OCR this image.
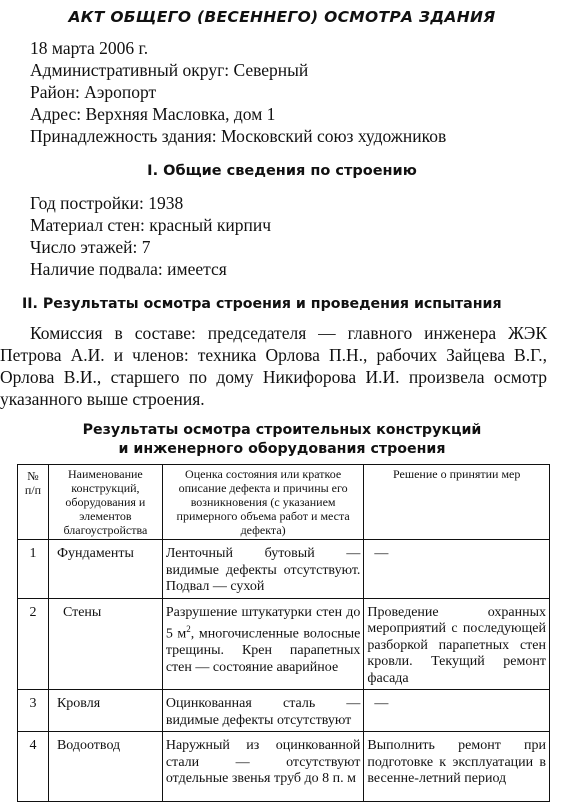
АКТ ОБЩЕГО (ВЕСЕННЕГО) ОСМОТРА ЗДАНИЯ
18 марта 2006 г.
Административный округ: Северный
Район: Аэропорт
Адрес: Верхняя Масловка, дом 1
Принадлежность здания: Московский союз художников
I. Общие сведения по строению
Год постройки: 1938
Материал стен: красный кирпич
Число этажей: 7
Наличие подвала: имеется
II. Результаты осмотра строения и проведения испытания
Комиссия в составе: председателя — главного инженера ЖЭК
Петрова А.И. и членов: техника Орлова П.Н., рабочих Зайцева В.Г.,
Орлова В.И., старшего по дому Никифорова И.И. произвела осмотр
указанного выше строения.
Результаты осмотра строительных конструкций
и инженерного оборудования строения
№ п/п	Наименование конструкций, оборудования и элементов благоустройства	Оценка состояния или краткое описание дефекта и причины его возникновения (с указанием примерного объема работ и места дефекта)	Решение о принятии мер
1	Фундаменты	Ленточный бутовый — видимые дефекты отсутствуют. Подвал — сухой	—
2	Стены	Разрушение штукатурки стен до 5 $м^2$, многочисленные волосные трещины. Крен парапетных стен — состояние аварийное	Проведение охранных мероприятий с последующей разборкой парапетных стен кровли. Текущий ремонт фасада
3	Кровля	Оцинкованная сталь — видимые дефекты отсутствуют	—
4	Водоотвод	Наружный из оцинкованной стали — отсутствуют отдельные звенья труб до 8 п. м	Выполнить ремонт при подготовке к эксплуатации в весенне-летний период
